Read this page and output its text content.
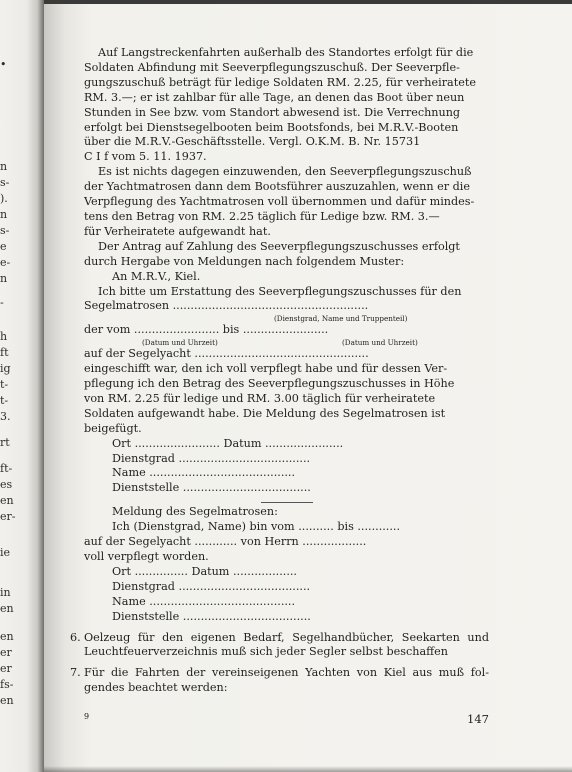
•
n
s-
).
n
s-
e
e-
n
-
h
ft
ig
t-
t-
3.
rt
ft-
es
en
er-
ie
in
en
en
er
er
fs-
en
Auf Langstreckenfahrten außerhalb des Standortes erfolgt für die
Soldaten Abfindung mit Seeverpflegungszuschuß. Der Seeverpfle-
gungszuschuß beträgt für ledige Soldaten RM. 2.25, für verheiratete
RM. 3.—; er ist zahlbar für alle Tage, an denen das Boot über neun
Stunden in See bzw. vom Standort abwesend ist. Die Verrechnung
erfolgt bei Dienstsegelbooten beim Bootsfonds, bei M.R.V.-Booten
über die M.R.V.-Geschäftsstelle. Vergl. O.K.M. B. Nr. 15731
C I f vom 5. 11. 1937.
Es ist nichts dagegen einzuwenden, den Seeverpflegungszuschuß
der Yachtmatrosen dann dem Bootsführer auszuzahlen, wenn er die
Verpflegung des Yachtmatrosen voll übernommen und dafür mindes-
tens den Betrag von RM. 2.25 täglich für Ledige bzw. RM. 3.—
für Verheiratete aufgewandt hat.
Der Antrag auf Zahlung des Seeverpflegungszuschusses erfolgt
durch Hergabe von Meldungen nach folgendem Muster:
An M.R.V., Kiel.
Ich bitte um Erstattung des Seeverpflegungszuschusses für den
Segelmatrosen .......................................................
(Dienstgrad, Name und Truppenteil)
der vom ........................ bis ........................
(Datum und Uhrzeit)	(Datum und Uhrzeit)
auf der Segelyacht .................................................
eingeschifft war, den ich voll verpflegt habe und für dessen Ver-
pflegung ich den Betrag des Seeverpflegungszuschusses in Höhe
von RM. 2.25 für ledige und RM. 3.00 täglich für verheiratete
Soldaten aufgewandt habe. Die Meldung des Segelmatrosen ist
beigefügt.
Ort ........................ Datum ......................
Dienstgrad .....................................
Name .........................................
Dienststelle ....................................
Meldung des Segelmatrosen:
Ich (Dienstgrad, Name) bin vom .......... bis ............
auf der Segelyacht ............ von Herrn ..................
voll verpflegt worden.
Ort ............... Datum ..................
Dienstgrad .....................................
Name .........................................
Dienststelle ....................................
6. Oelzeug für den eigenen Bedarf, Segelhandbücher, Seekarten und Leuchtfeuerverzeichnis muß sich jeder Segler selbst beschaffen
7. Für die Fahrten der vereinseigenen Yachten von Kiel aus muß fol-gendes beachtet werden:
9	147
